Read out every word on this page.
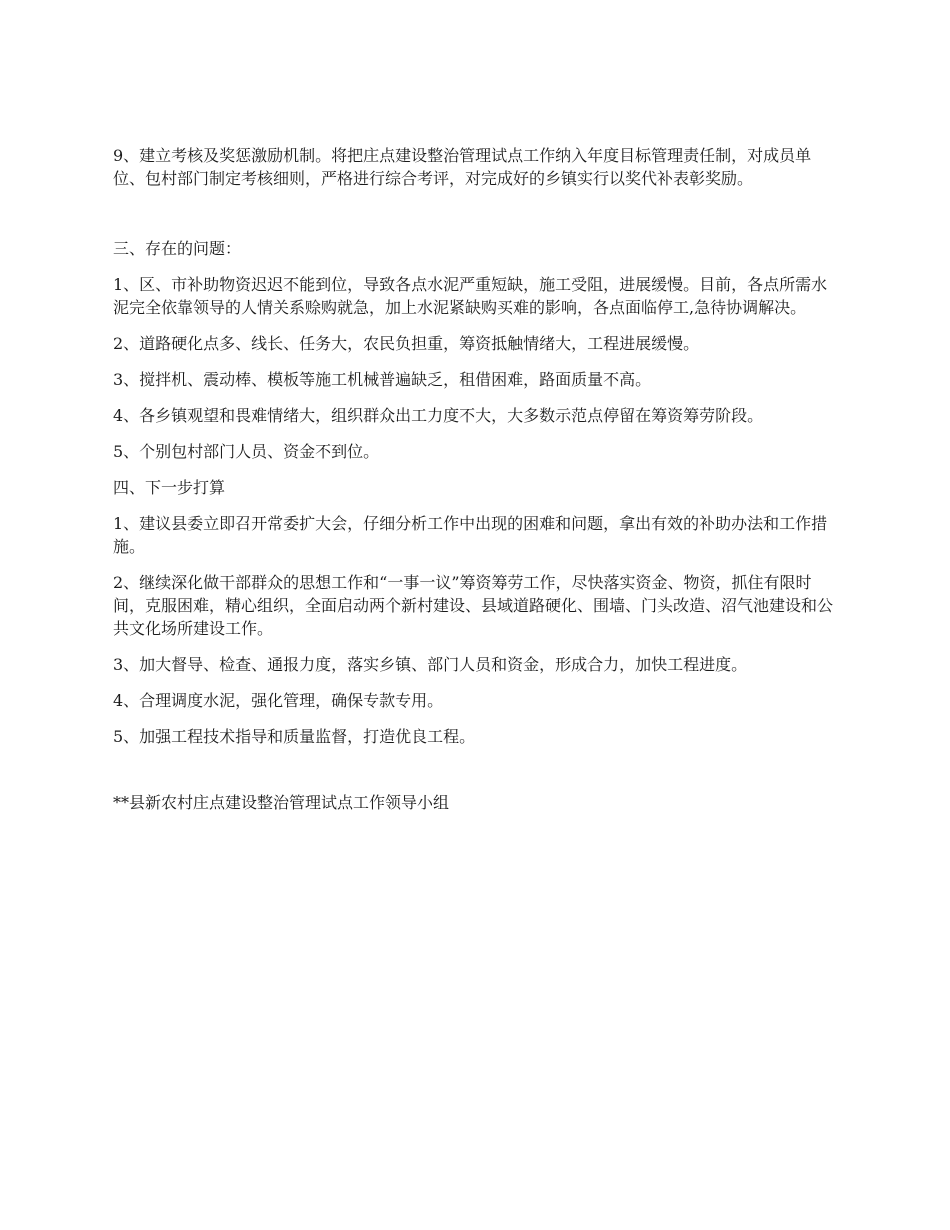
9、建立考核及奖惩激励机制。将把庄点建设整治管理试点工作纳入年度目标管理责任制，对成员单位、包村部门制定考核细则，严格进行综合考评，对完成好的乡镇实行以奖代补表彰奖励。

三、存在的问题：

1、区、市补助物资迟迟不能到位，导致各点水泥严重短缺，施工受阻，进展缓慢。目前，各点所需水泥完全依靠领导的人情关系赊购就急，加上水泥紧缺购买难的影响，各点面临停工,急待协调解决。

2、道路硬化点多、线长、任务大，农民负担重，筹资抵触情绪大，工程进展缓慢。

3、搅拌机、震动棒、模板等施工机械普遍缺乏，租借困难，路面质量不高。

4、各乡镇观望和畏难情绪大，组织群众出工力度不大，大多数示范点停留在筹资筹劳阶段。

5、个别包村部门人员、资金不到位。

四、下一步打算

1、建议县委立即召开常委扩大会，仔细分析工作中出现的困难和问题，拿出有效的补助办法和工作措施。

2、继续深化做干部群众的思想工作和“一事一议”筹资筹劳工作，尽快落实资金、物资，抓住有限时间，克服困难，精心组织，全面启动两个新村建设、县域道路硬化、围墙、门头改造、沼气池建设和公共文化场所建设工作。

3、加大督导、检查、通报力度，落实乡镇、部门人员和资金，形成合力，加快工程进度。

4、合理调度水泥，强化管理，确保专款专用。

5、加强工程技术指导和质量监督，打造优良工程。

**县新农村庄点建设整治管理试点工作领导小组
